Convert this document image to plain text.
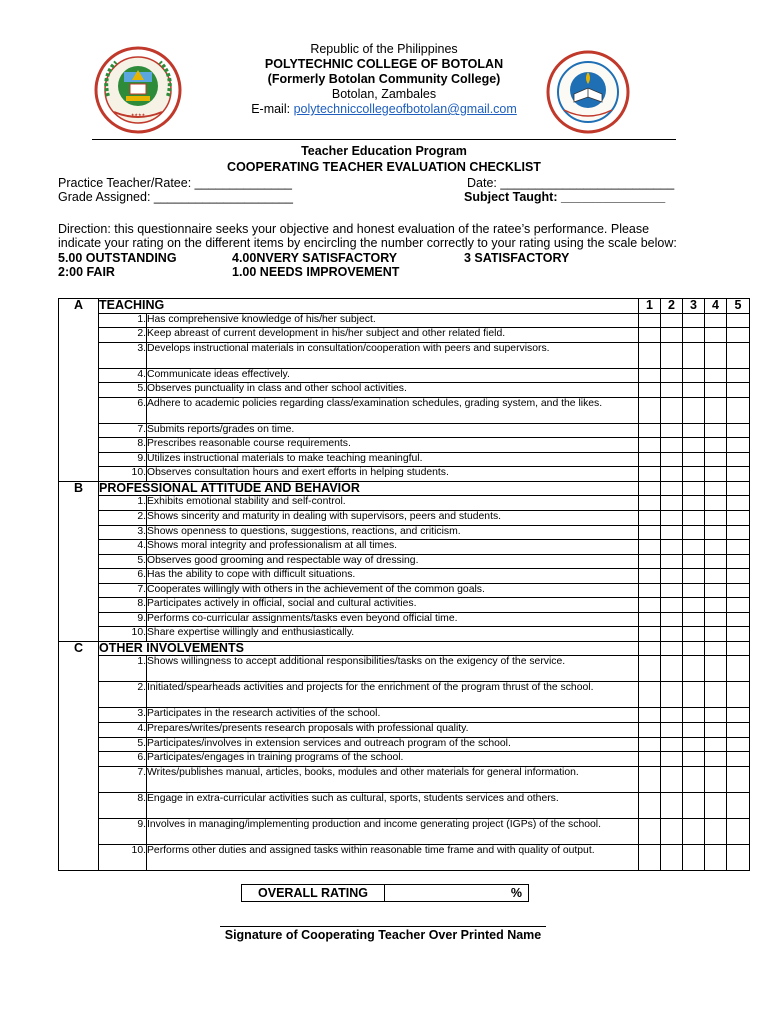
Republic of the Philippines
POLYTECHNIC COLLEGE OF BOTOLAN
(Formerly Botolan Community College)
Botolan, Zambales
E-mail: polytechniccollegeofbotolan@gmail.com
★★★★
Teacher Education Program
COOPERATING TEACHER EVALUATION CHECKLIST
Practice Teacher/Ratee: ______________	Date: _________________________
Grade Assigned: ____________________	Subject Taught: _______________
Direction: this questionnaire seeks your objective and honest evaluation of the ratee’s performance. Please
indicate your rating on the different items by encircling the number correctly to your rating using the scale below:
5.00 OUTSTANDING	4.00NVERY SATISFACTORY	3 SATISFACTORY
2:00 FAIR	1.00 NEEDS IMPROVEMENT
A	TEACHING		1	2	3	4	5
	1.	Has comprehensive knowledge of his/her subject.					
	2.	Keep abreast of current development in his/her subject and other related field.					
	3.	Develops instructional materials in consultation/cooperation with peers and supervisors.					
	4.	Communicate ideas effectively.					
	5.	Observes punctuality in class and other school activities.					
	6.	Adhere to academic policies regarding class/examination schedules, grading system, and the likes.					
	7.	Submits reports/grades on time.					
	8.	Prescribes reasonable course requirements.					
	9.	Utilizes instructional materials to make teaching meaningful.					
	10.	Observes consultation hours and exert efforts in helping students.					
B	PROFESSIONAL ATTITUDE AND BEHAVIOR						
	1.	Exhibits emotional stability and self-control.					
	2.	Shows sincerity and maturity in dealing with supervisors, peers and students.					
	3.	Shows openness to questions, suggestions, reactions, and criticism.					
	4.	Shows moral integrity and professionalism at all times.					
	5.	Observes good grooming and respectable way of dressing.					
	6.	Has the ability to cope with difficult situations.					
	7.	Cooperates willingly with others in the achievement of the common goals.					
	8.	Participates actively in official, social and cultural activities.					
	9.	Performs co-curricular assignments/tasks even beyond official time.					
	10.	Share expertise willingly and enthusiastically.					
C	OTHER INVOLVEMENTS						
	1.	Shows willingness to accept additional responsibilities/tasks on the exigency of the service.					
	2.	Initiated/spearheads activities and projects for the enrichment of the program thrust of the school.					
	3.	Participates in the research activities of the school.					
	4.	Prepares/writes/presents research proposals with professional quality.					
	5.	Participates/involves in extension services and outreach program of the school.					
	6.	Participates/engages in training programs of the school.					
	7.	Writes/publishes manual, articles, books, modules and other materials for general information.					
	8.	Engage in extra-curricular activities such as cultural, sports, students services and others.					
	9.	Involves in managing/implementing production and income generating project (IGPs) of the school.					
	10.	Performs other duties and assigned tasks within reasonable time frame and with quality of output.					
OVERALL RATING	%
Signature of Cooperating Teacher Over Printed Name
